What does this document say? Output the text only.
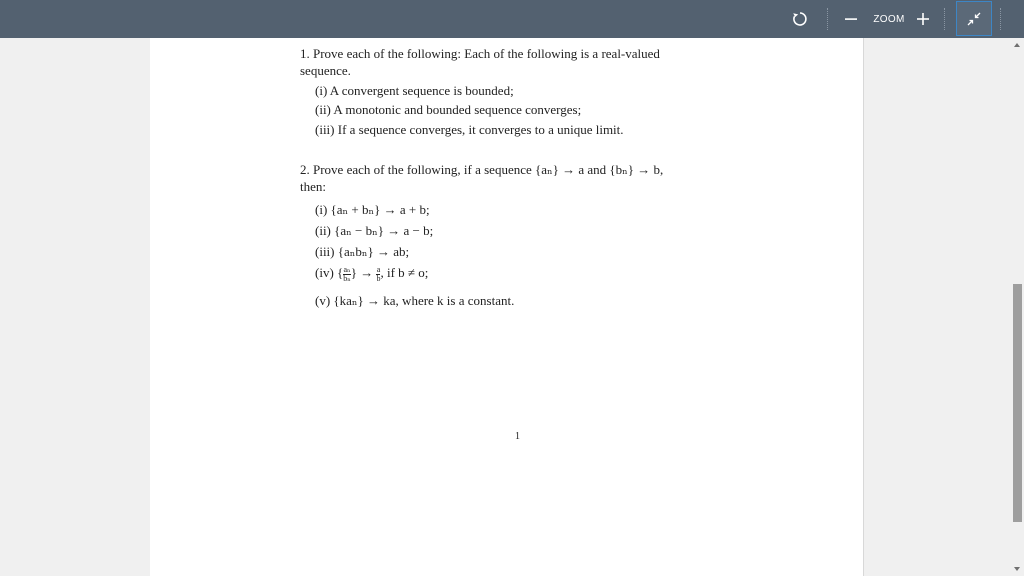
ZOOM
1. Prove each of the following: Each of the following is a real-valued
sequence.
(i) A convergent sequence is bounded;
(ii) A monotonic and bounded sequence converges;
(iii) If a sequence converges, it converges to a unique limit.
2. Prove each of the following, if a sequence {aₙ} → a and {bₙ} → b,
then:
(i) {aₙ + bₙ} → a + b;
(ii) {aₙ − bₙ} → a − b;
(iii) {aₙbₙ} → ab;
(iv) { $\frac{\text{aₙ}}{\text{bₙ}}$ } → $\frac{a}{b}$ , if b ≠ o;
(v) {kaₙ} → ka, where k is a constant.
1
